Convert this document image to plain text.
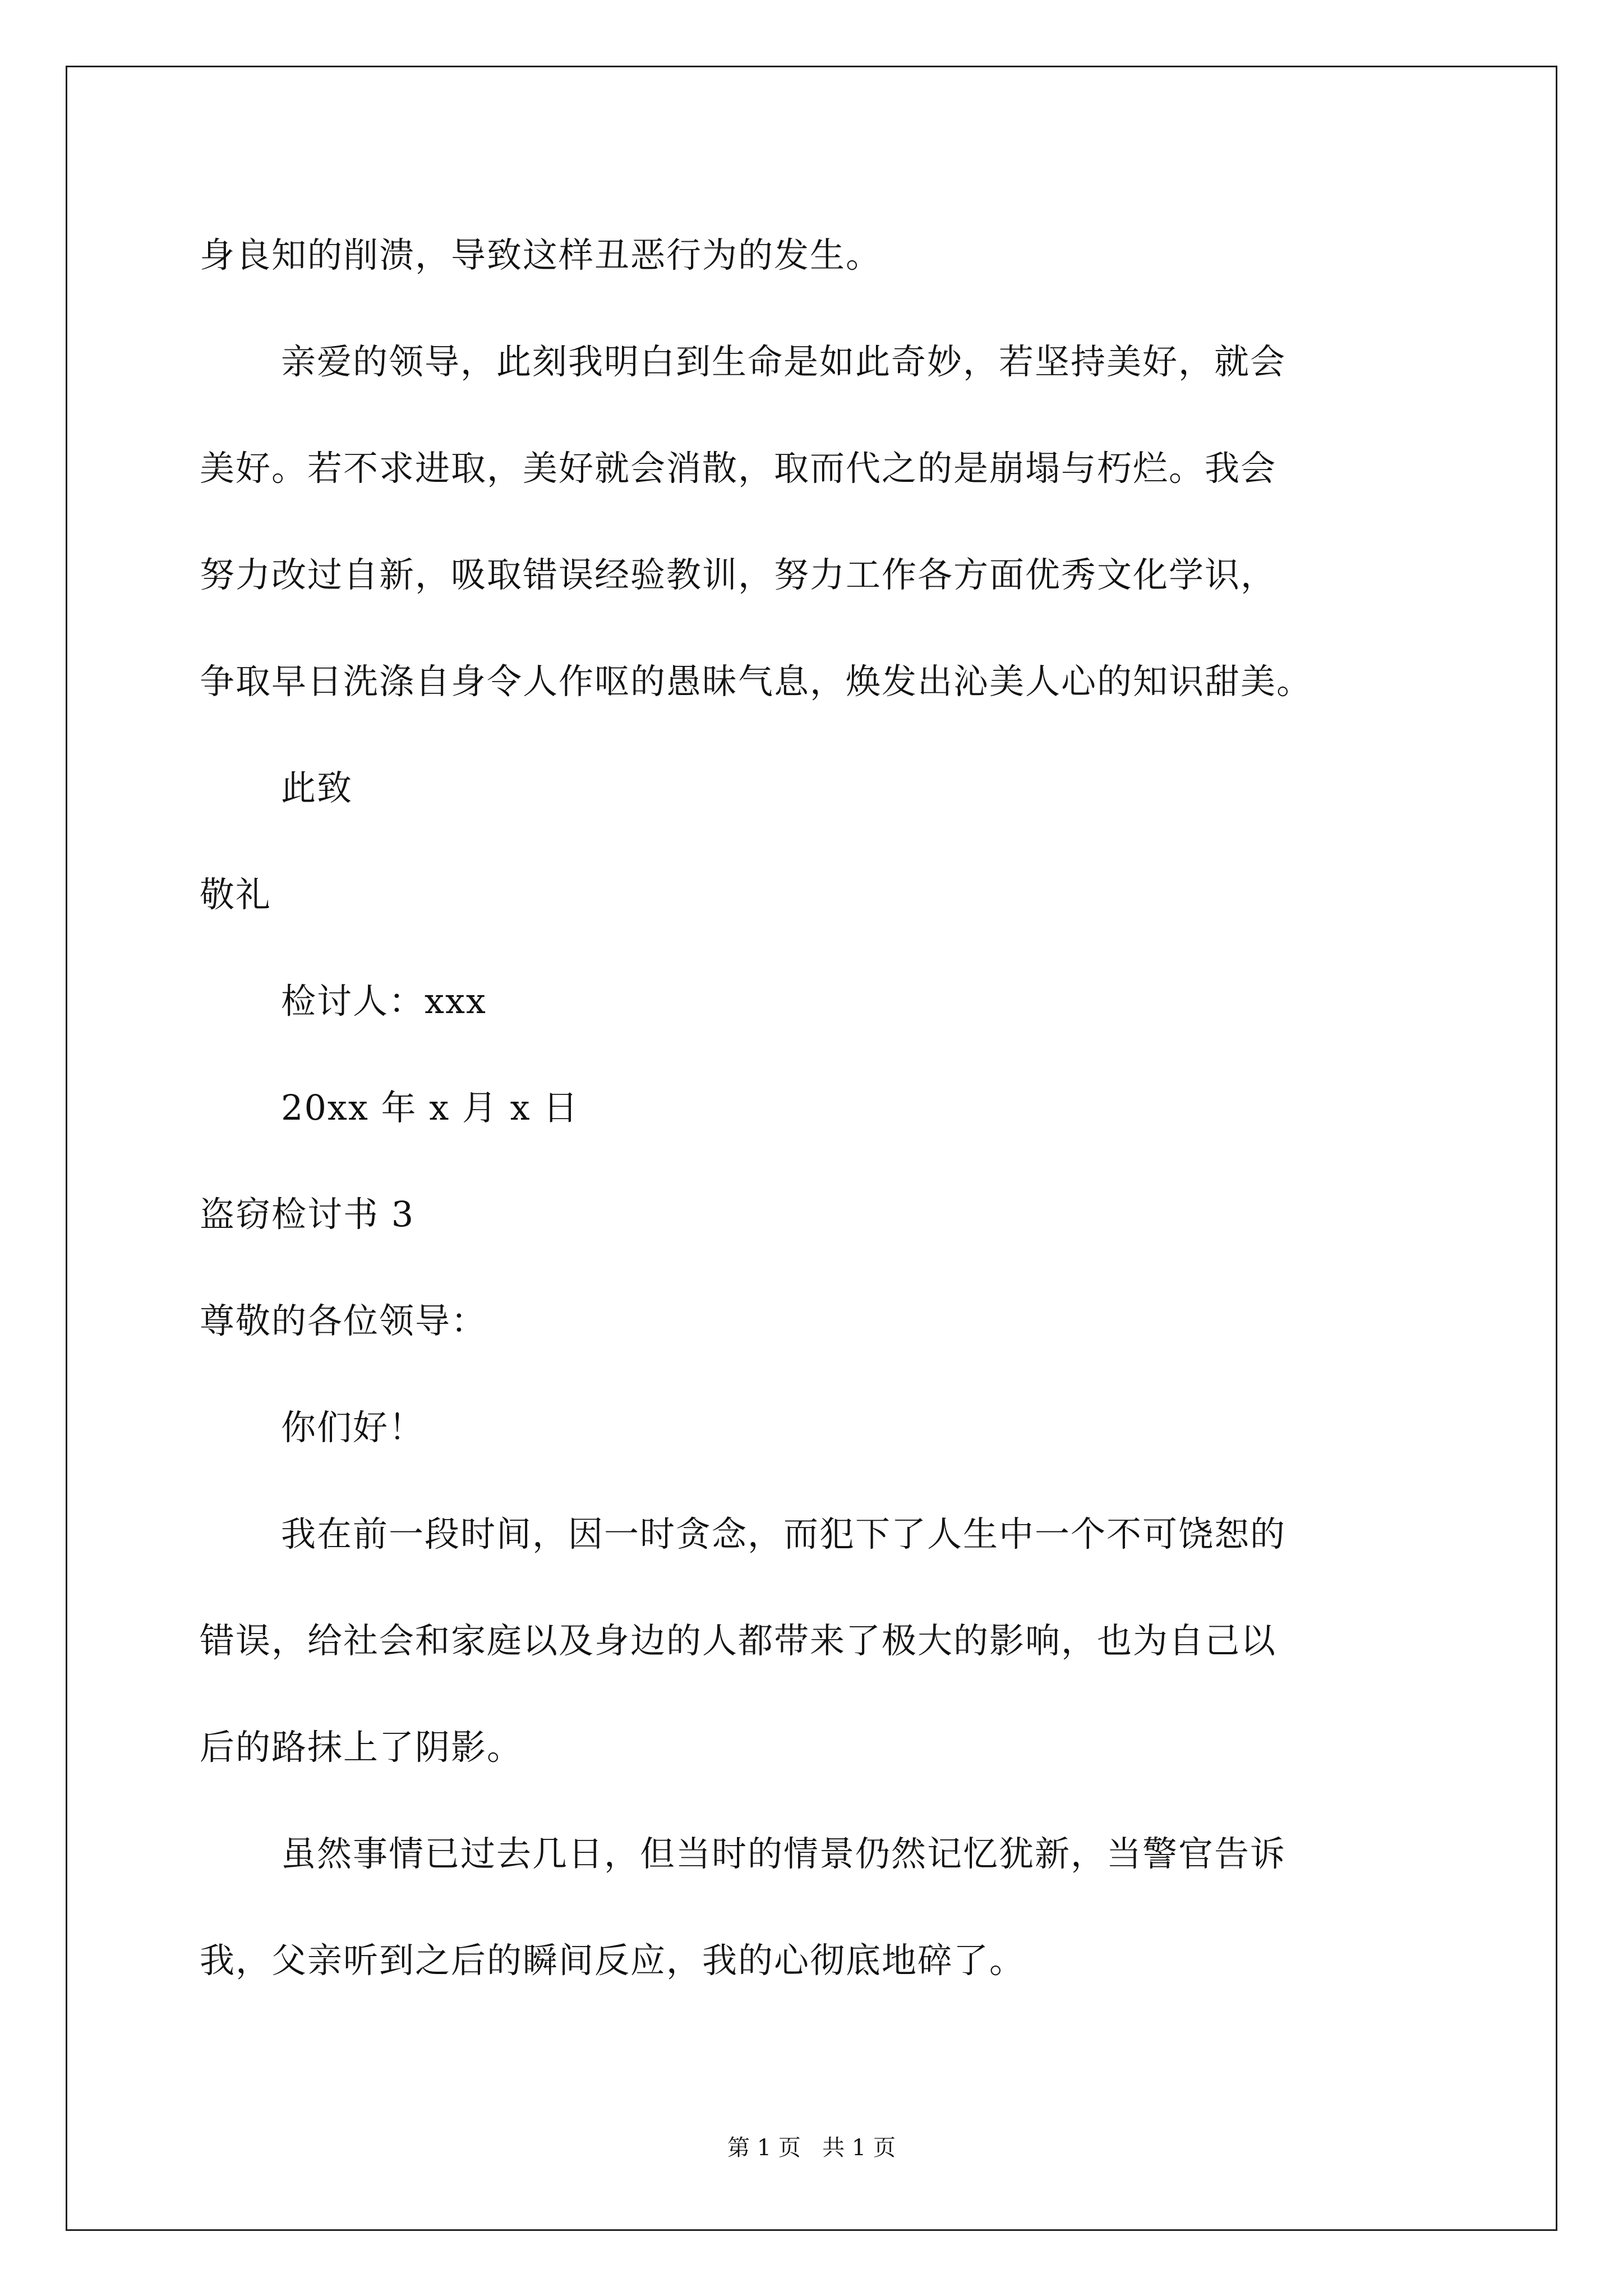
身良知的削溃，导致这样丑恶行为的发生。
亲爱的领导，此刻我明白到生命是如此奇妙，若坚持美好，就会
美好。若不求进取，美好就会消散，取而代之的是崩塌与朽烂。我会
努力改过自新，吸取错误经验教训，努力工作各方面优秀文化学识，
争取早日洗涤自身令人作呕的愚昧气息，焕发出沁美人心的知识甜美。
此致
敬礼
检讨人：xxx
20xx 年 x 月 x 日
盗窃检讨书 3
尊敬的各位领导：
你们好！
我在前一段时间，因一时贪念，而犯下了人生中一个不可饶恕的
错误，给社会和家庭以及身边的人都带来了极大的影响，也为自己以
后的路抹上了阴影。
虽然事情已过去几日，但当时的情景仍然记忆犹新，当警官告诉
我，父亲听到之后的瞬间反应，我的心彻底地碎了。
第 1 页   共 1 页
